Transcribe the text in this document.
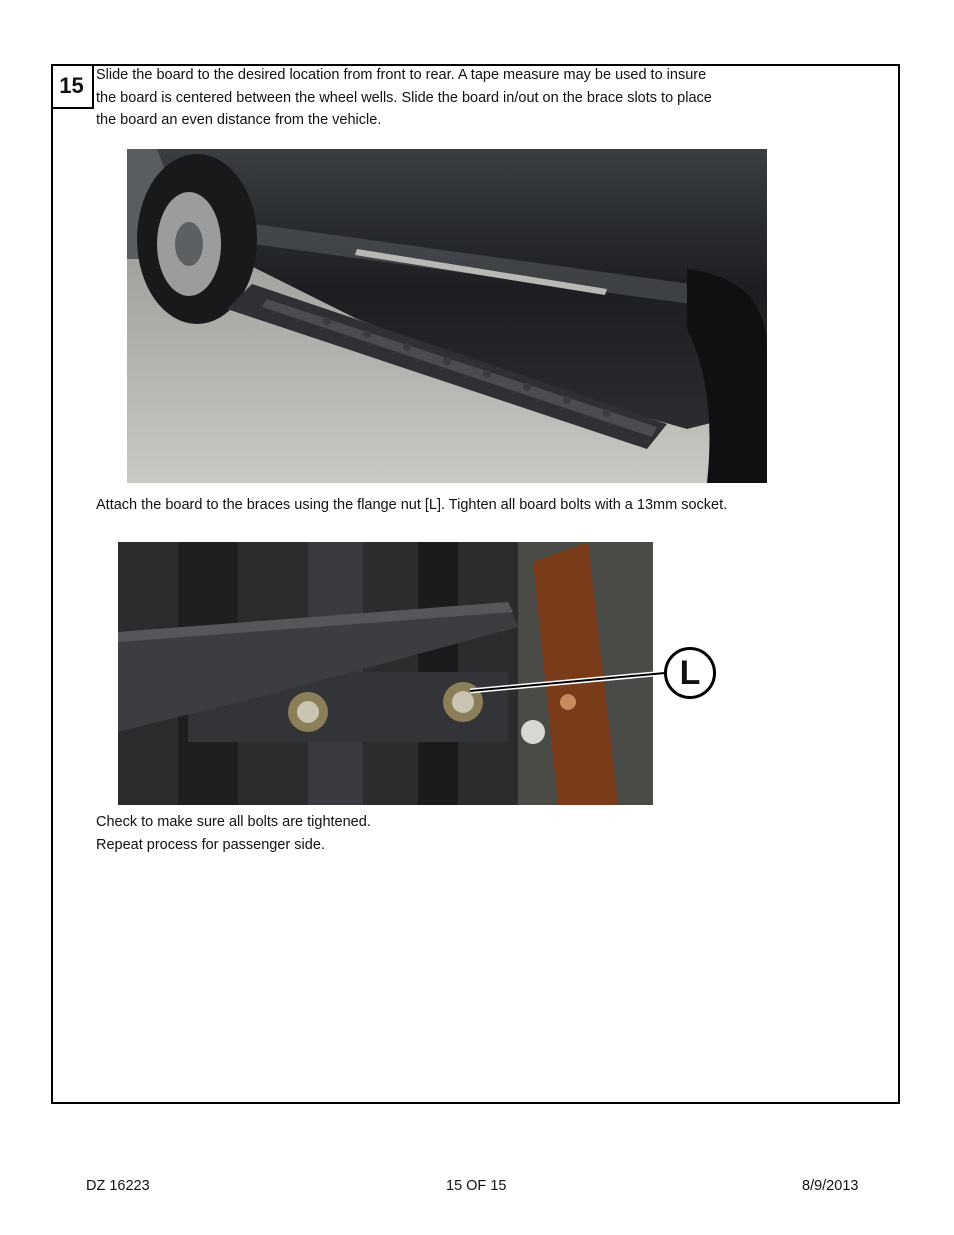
15 Slide the board to the desired location from front to rear. A tape measure may be used to insure

the board is centered between the wheel wells. Slide the board in/out on the brace slots to place

the board an even distance from the vehicle.

Attach the board to the braces using the flange nut [L]. Tighten all board bolts with a 13mm socket.

L

Check to make sure all bolts are tightened.

Repeat process for passenger side.

DZ 16223	15 OF 15	8/9/2013
